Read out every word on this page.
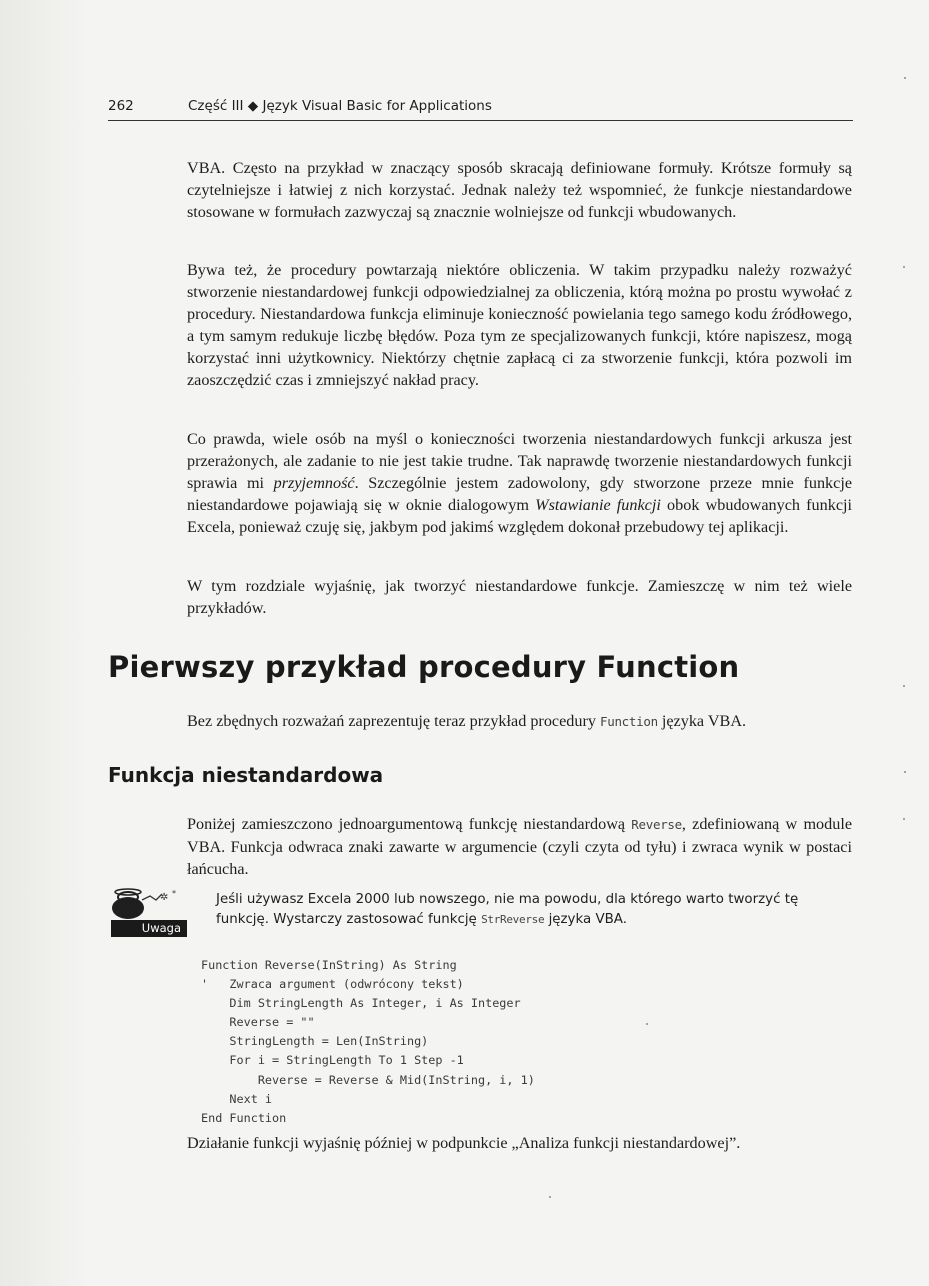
262	Część III ◆ Język Visual Basic for Applications

VBA. Często na przykład w znaczący sposób skracają definiowane formuły. Krótsze formuły są czytelniejsze i łatwiej z nich korzystać. Jednak należy też wspomnieć, że funkcje niestandardowe stosowane w formułach zazwyczaj są znacznie wolniejsze od funkcji wbudowanych.

Bywa też, że procedury powtarzają niektóre obliczenia. W takim przypadku należy rozważyć stworzenie niestandardowej funkcji odpowiedzialnej za obliczenia, którą można po prostu wywołać z procedury. Niestandardowa funkcja eliminuje konieczność powielania tego samego kodu źródłowego, a tym samym redukuje liczbę błędów. Poza tym ze specjalizowanych funkcji, które napiszesz, mogą korzystać inni użytkownicy. Niektórzy chętnie zapłacą ci za stworzenie funkcji, która pozwoli im zaoszczędzić czas i zmniejszyć nakład pracy.

Co prawda, wiele osób na myśl o konieczności tworzenia niestandardowych funkcji arkusza jest przerażonych, ale zadanie to nie jest takie trudne. Tak naprawdę tworzenie niestandardowych funkcji sprawia mi przyjemność. Szczególnie jestem zadowolony, gdy stworzone przeze mnie funkcje niestandardowe pojawiają się w oknie dialogowym Wstawianie funkcji obok wbudowanych funkcji Excela, ponieważ czuję się, jakbym pod jakimś względem dokonał przebudowy tej aplikacji.

W tym rozdziale wyjaśnię, jak tworzyć niestandardowe funkcje. Zamieszczę w nim też wiele przykładów.

Pierwszy przykład procedury Function

Bez zbędnych rozważań zaprezentuję teraz przykład procedury Function języka VBA.

Funkcja niestandardowa

Poniżej zamieszczono jednoargumentową funkcję niestandardową Reverse, zdefiniowaną w module VBA. Funkcja odwraca znaki zawarte w argumencie (czyli czyta od tyłu) i zwraca wynik w postaci łańcucha.

✲ *
Uwaga

Jeśli używasz Excela 2000 lub nowszego, nie ma powodu, dla którego warto tworzyć tę funkcję. Wystarczy zastosować funkcję StrReverse języka VBA.

Function Reverse(InString) As String
'   Zwraca argument (odwrócony tekst)
Dim StringLength As Integer, i As Integer
Reverse = ""
StringLength = Len(InString)
For i = StringLength To 1 Step -1
Reverse = Reverse & Mid(InString, i, 1)
Next i
End Function

Działanie funkcji wyjaśnię później w podpunkcie „Analiza funkcji niestandardowej”.
